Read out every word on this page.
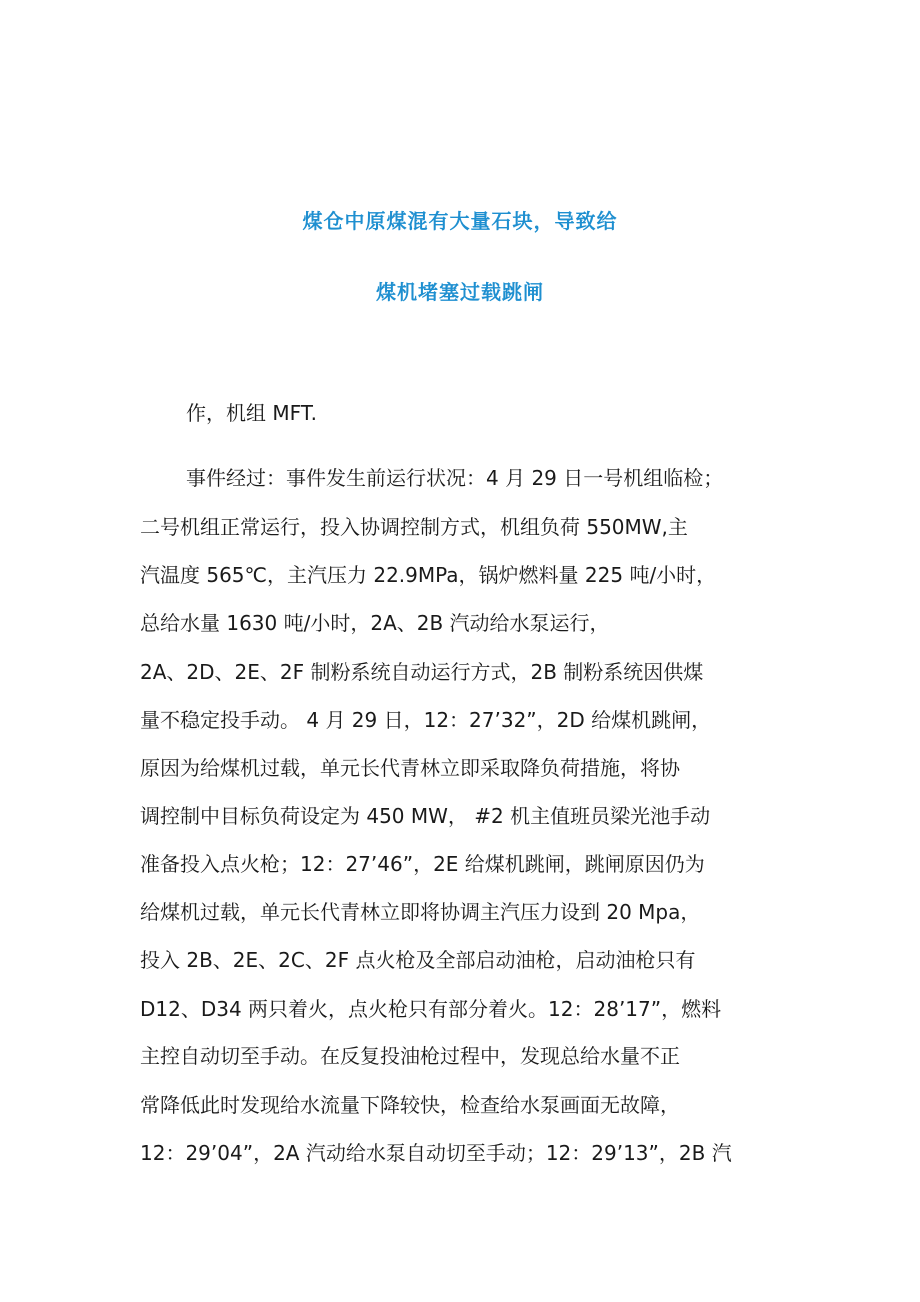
煤仓中原煤混有大量石块，导致给
煤机堵塞过载跳闸
作，机组 MFT.
事件经过：事件发生前运行状况：4 月 29 日一号机组临检；
二号机组正常运行，投入协调控制方式，机组负荷 550MW,主
汽温度 565℃，主汽压力 22.9MPa，锅炉燃料量 225 吨/小时，
总给水量 1630 吨/小时，2A、2B 汽动给水泵运行，
2A、2D、2E、2F 制粉系统自动运行方式，2B 制粉系统因供煤
量不稳定投手动。 4 月 29 日，12：27’32”，2D 给煤机跳闸，
原因为给煤机过载，单元长代青林立即采取降负荷措施，将协
调控制中目标负荷设定为 450 MW， #2 机主值班员梁光池手动
准备投入点火枪；12：27’46”，2E 给煤机跳闸，跳闸原因仍为
给煤机过载，单元长代青林立即将协调主汽压力设到 20 Mpa，
投入 2B、2E、2C、2F 点火枪及全部启动油枪，启动油枪只有
D12、D34 两只着火，点火枪只有部分着火。12：28’17”，燃料
主控自动切至手动。在反复投油枪过程中，发现总给水量不正
常降低此时发现给水流量下降较快，检查给水泵画面无故障，
12：29’04”，2A 汽动给水泵自动切至手动；12：29’13”，2B 汽
